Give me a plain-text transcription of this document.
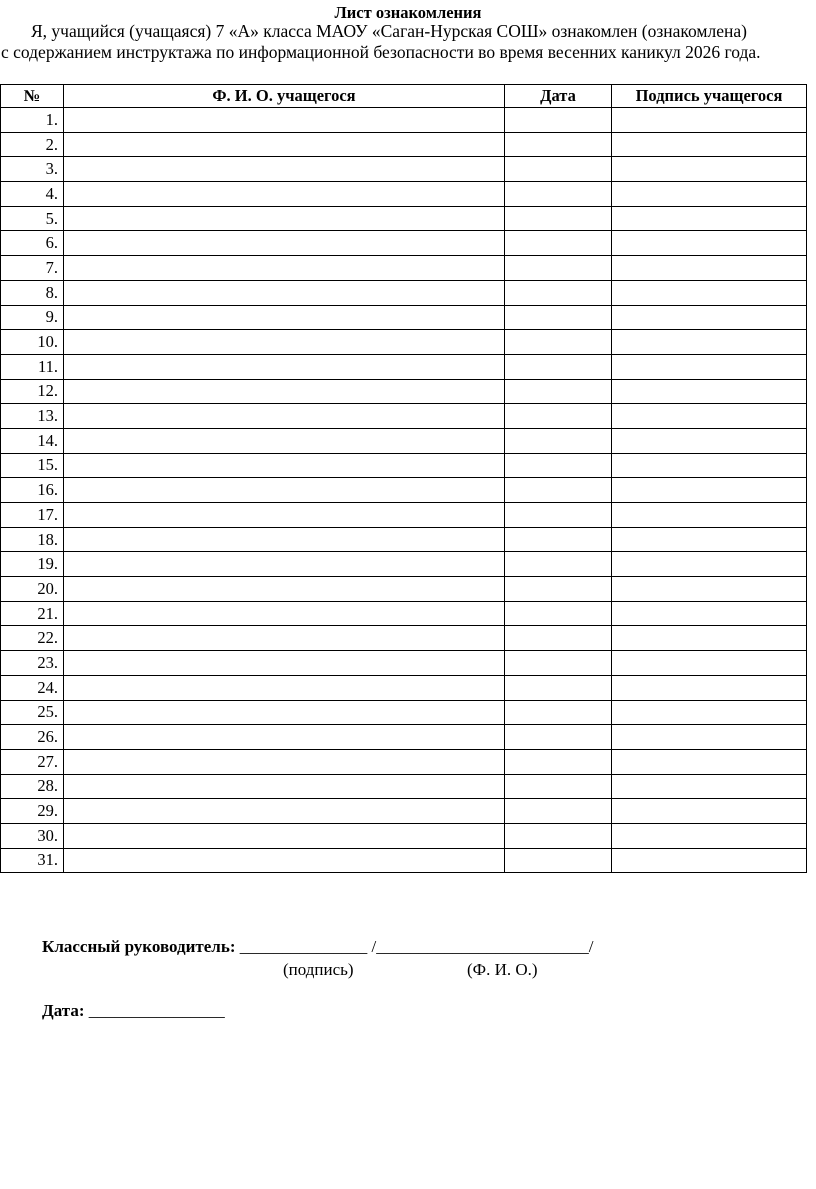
Лист ознакомления
Я, учащийся (учащаяся) 7 «А» класса МАОУ «Саган-Нурская СОШ» ознакомлен (ознакомлена)
с содержанием инструктажа по информационной безопасности во время весенних каникул 2026 года.
№	Ф. И. О. учащегося	Дата	Подпись учащегося
1.			
2.			
3.			
4.			
5.			
6.			
7.			
8.			
9.			
10.			
11.			
12.			
13.			
14.			
15.			
16.			
17.			
18.			
19.			
20.			
21.			
22.			
23.			
24.			
25.			
26.			
27.			
28.			
29.			
30.			
31.			
Классный руководитель: _______________ /_________________________/
(подпись)	(Ф. И. О.)
Дата: ________________
